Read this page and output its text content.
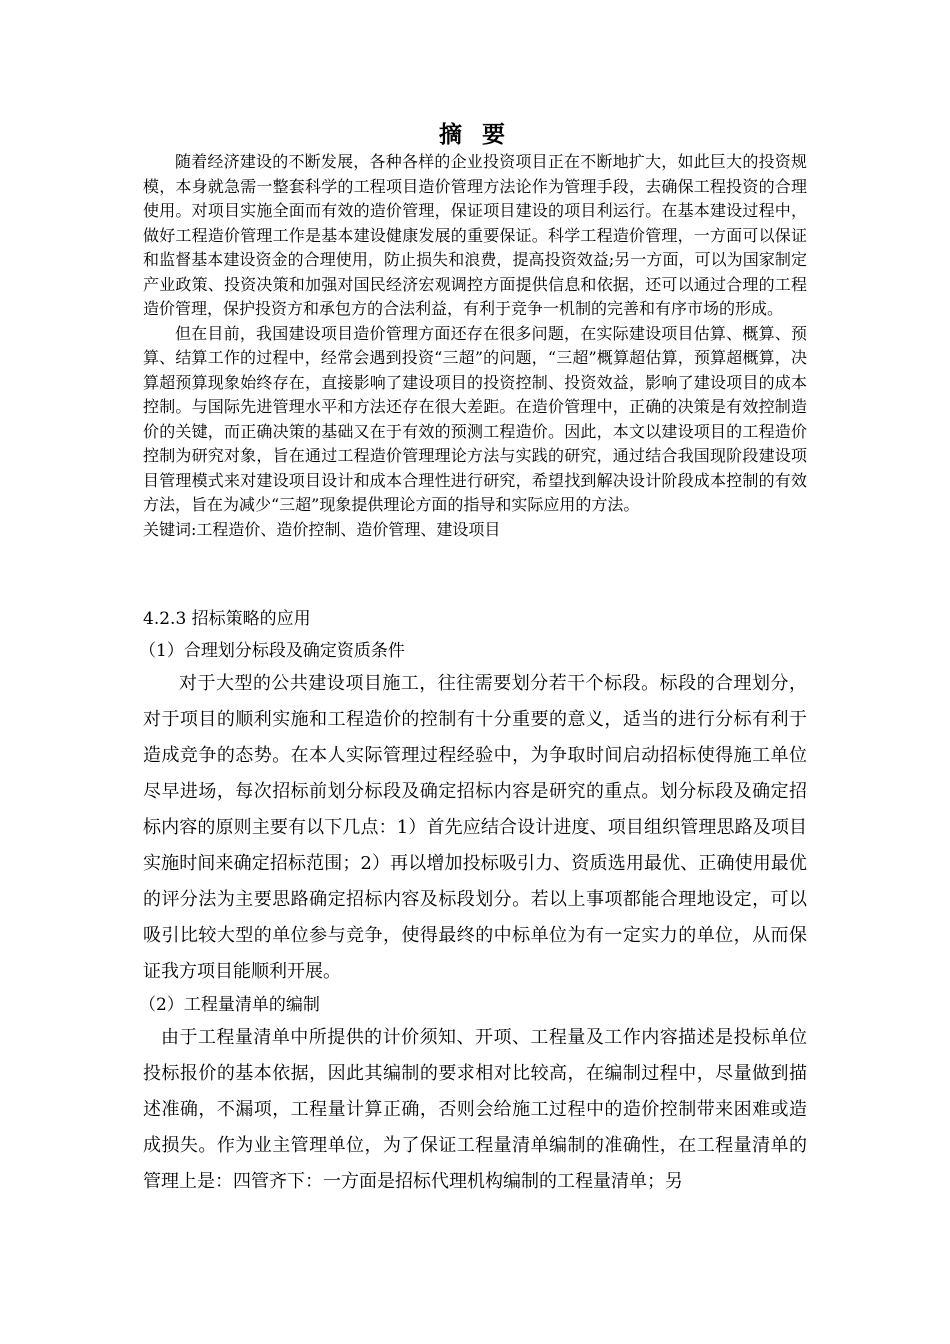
摘 要

随着经济建设的不断发展，各种各样的企业投资项目正在不断地扩大，如此巨大的投资规模，本身就急需一整套科学的工程项目造价管理方法论作为管理手段，去确保工程投资的合理使用。对项目实施全面而有效的造价管理，保证项目建设的项目利运行。在基本建设过程中，做好工程造价管理工作是基本建设健康发展的重要保证。科学工程造价管理，一方面可以保证和监督基本建设资金的合理使用，防止损失和浪费，提高投资效益;另一方面，可以为国家制定产业政策、投资决策和加强对国民经济宏观调控方面提供信息和依据，还可以通过合理的工程造价管理，保护投资方和承包方的合法利益，有利于竞争一机制的完善和有序市场的形成。

但在目前，我国建设项目造价管理方面还存在很多问题，在实际建设项目估算、概算、预算、结算工作的过程中，经常会遇到投资“三超”的问题，“三超”概算超估算，预算超概算，决算超预算现象始终存在，直接影响了建设项目的投资控制、投资效益，影响了建设项目的成本控制。与国际先进管理水平和方法还存在很大差距。在造价管理中，正确的决策是有效控制造价的关键，而正确决策的基础又在于有效的预测工程造价。因此，本文以建设项目的工程造价控制为研究对象，旨在通过工程造价管理理论方法与实践的研究，通过结合我国现阶段建设项目管理模式来对建设项目设计和成本合理性进行研究，希望找到解决设计阶段成本控制的有效方法，旨在为减少“三超”现象提供理论方面的指导和实际应用的方法。

关键词:工程造价、造价控制、造价管理、建设项目

4.2.3 招标策略的应用

（1）合理划分标段及确定资质条件

对于大型的公共建设项目施工，往往需要划分若干个标段。标段的合理划分，对于项目的顺利实施和工程造价的控制有十分重要的意义，适当的进行分标有利于造成竞争的态势。在本人实际管理过程经验中，为争取时间启动招标使得施工单位尽早进场，每次招标前划分标段及确定招标内容是研究的重点。划分标段及确定招标内容的原则主要有以下几点：1）首先应结合设计进度、项目组织管理思路及项目实施时间来确定招标范围；2）再以增加投标吸引力、资质选用最优、正确使用最优的评分法为主要思路确定招标内容及标段划分。若以上事项都能合理地设定，可以吸引比较大型的单位参与竞争，使得最终的中标单位为有一定实力的单位，从而保证我方项目能顺利开展。

（2）工程量清单的编制

由于工程量清单中所提供的计价须知、开项、工程量及工作内容描述是投标单位投标报价的基本依据，因此其编制的要求相对比较高，在编制过程中，尽量做到描述准确，不漏项，工程量计算正确，否则会给施工过程中的造价控制带来困难或造成损失。作为业主管理单位，为了保证工程量清单编制的准确性，在工程量清单的管理上是：四管齐下：一方面是招标代理机构编制的工程量清单；另
